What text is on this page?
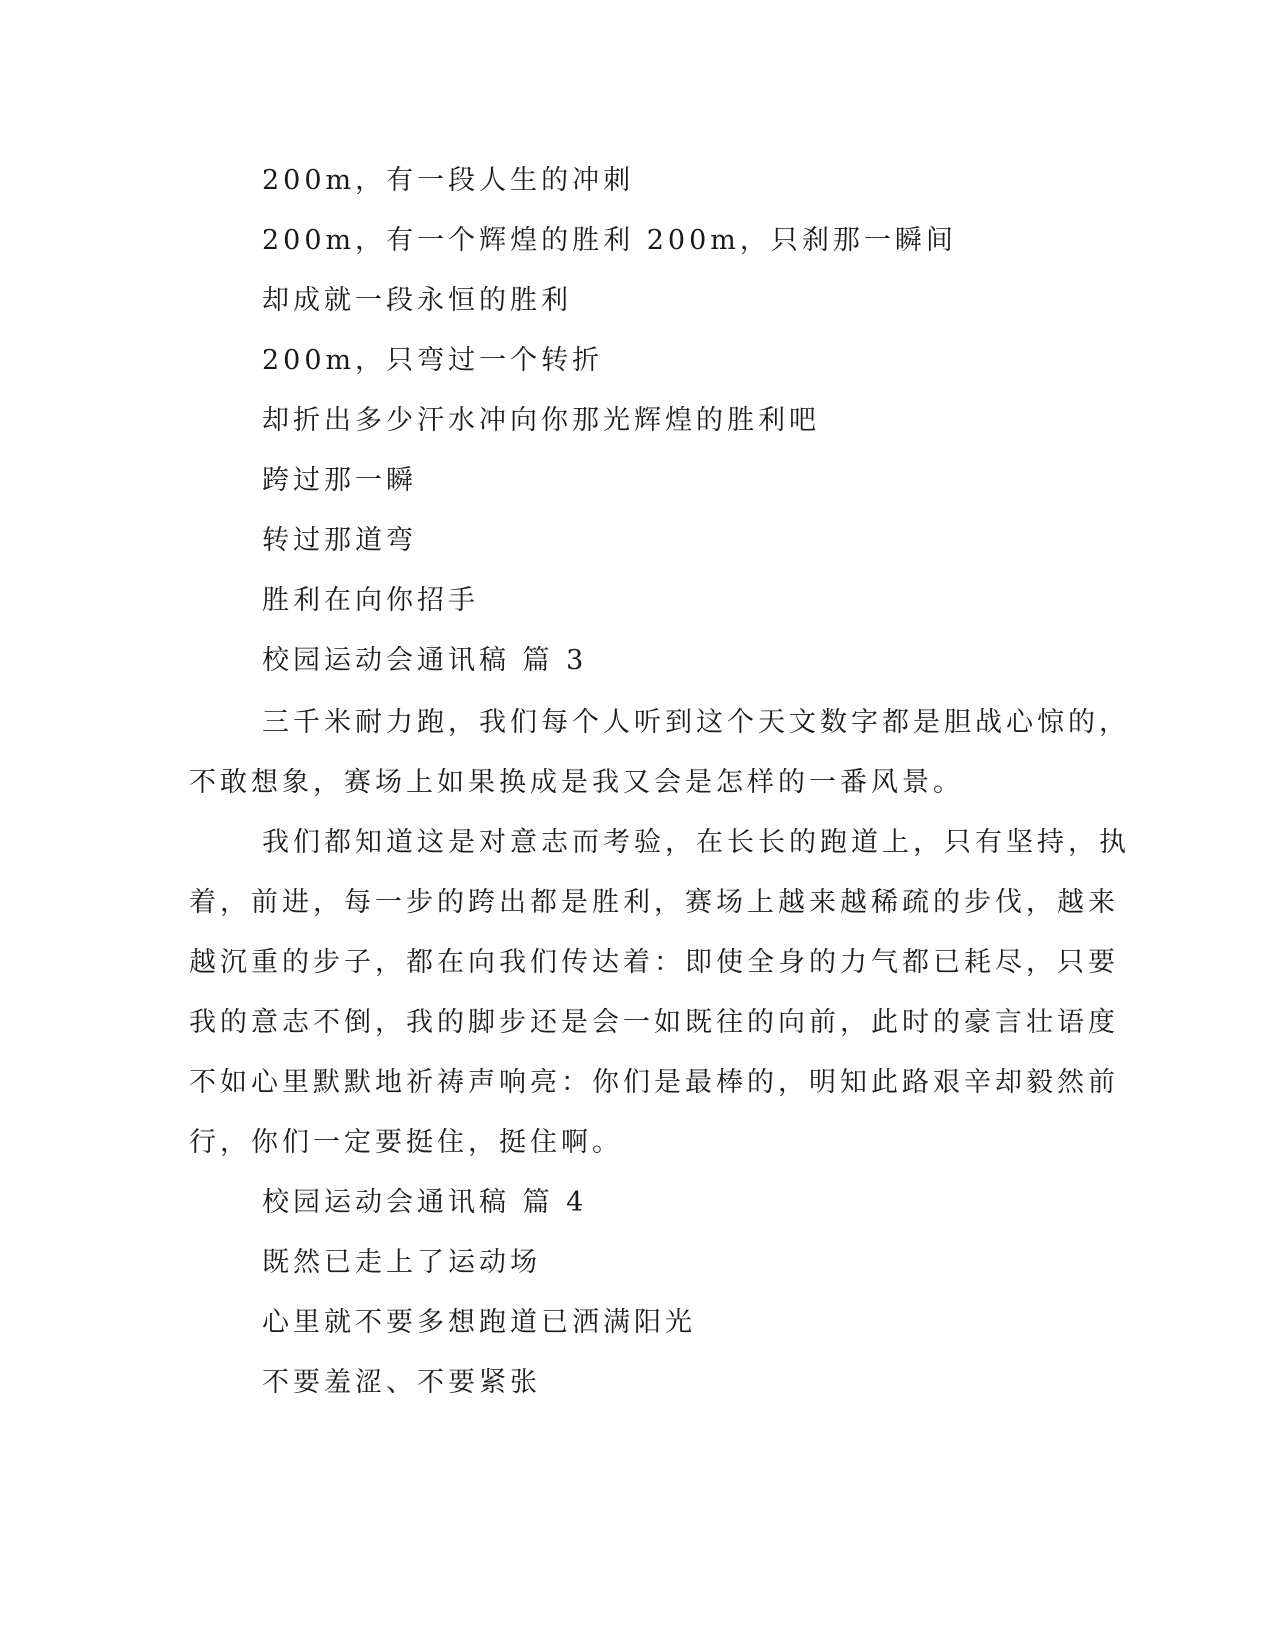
200m，有一段人生的冲刺
200m，有一个辉煌的胜利 200m，只刹那一瞬间
却成就一段永恒的胜利
200m，只弯过一个转折
却折出多少汗水冲向你那光辉煌的胜利吧
跨过那一瞬
转过那道弯
胜利在向你招手
校园运动会通讯稿 篇 3
三千米耐力跑，我们每个人听到这个天文数字都是胆战心惊的，
不敢想象，赛场上如果换成是我又会是怎样的一番风景。
我们都知道这是对意志而考验，在长长的跑道上，只有坚持，执
着，前进，每一步的跨出都是胜利，赛场上越来越稀疏的步伐，越来
越沉重的步子，都在向我们传达着：即使全身的力气都已耗尽，只要
我的意志不倒，我的脚步还是会一如既往的向前，此时的豪言壮语度
不如心里默默地祈祷声响亮：你们是最棒的，明知此路艰辛却毅然前
行，你们一定要挺住，挺住啊。
校园运动会通讯稿 篇 4
既然已走上了运动场
心里就不要多想跑道已洒满阳光
不要羞涩、不要紧张
